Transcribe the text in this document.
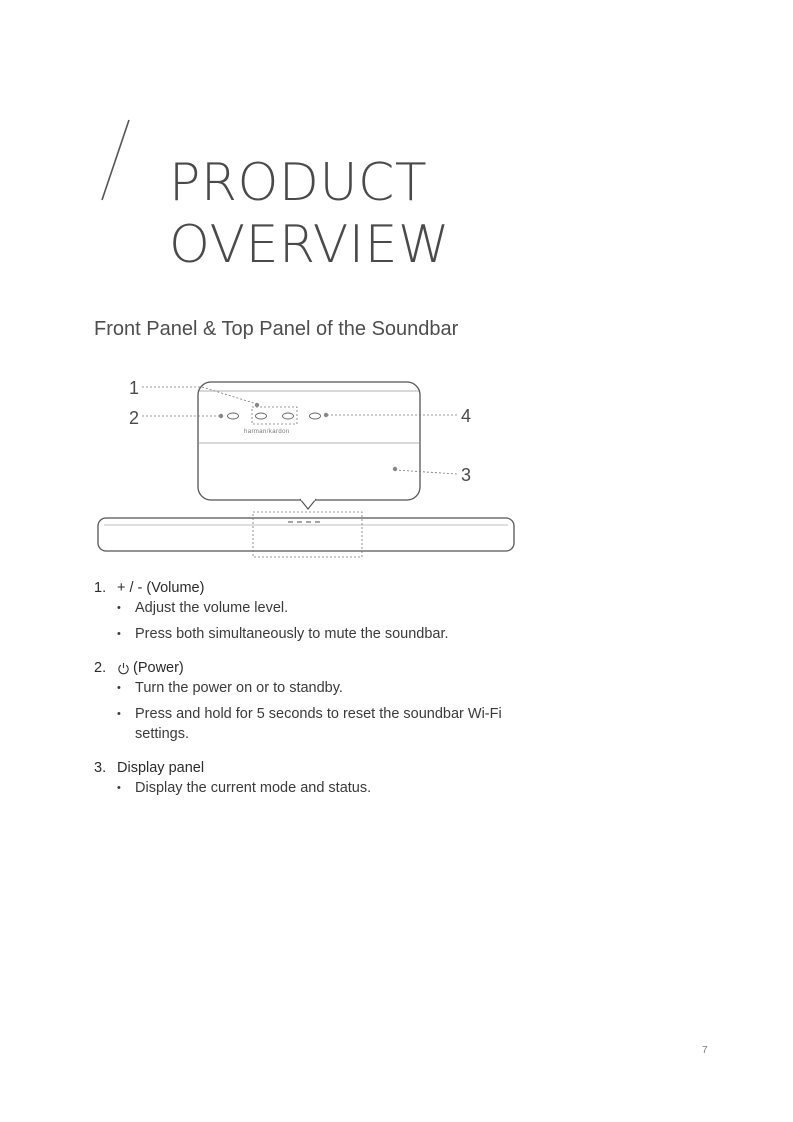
PRODUCT
OVERVIEW
Front Panel & Top Panel of the Soundbar
1
2
3
4
harman/kardon
1. + / - (Volume)
• Adjust the volume level.
• Press both simultaneously to mute the soundbar.
2.	(Power)
• Turn the power on or to standby.
• Press and hold for 5 seconds to reset the soundbar Wi-Fi settings.
3. Display panel
• Display the current mode and status.
7
